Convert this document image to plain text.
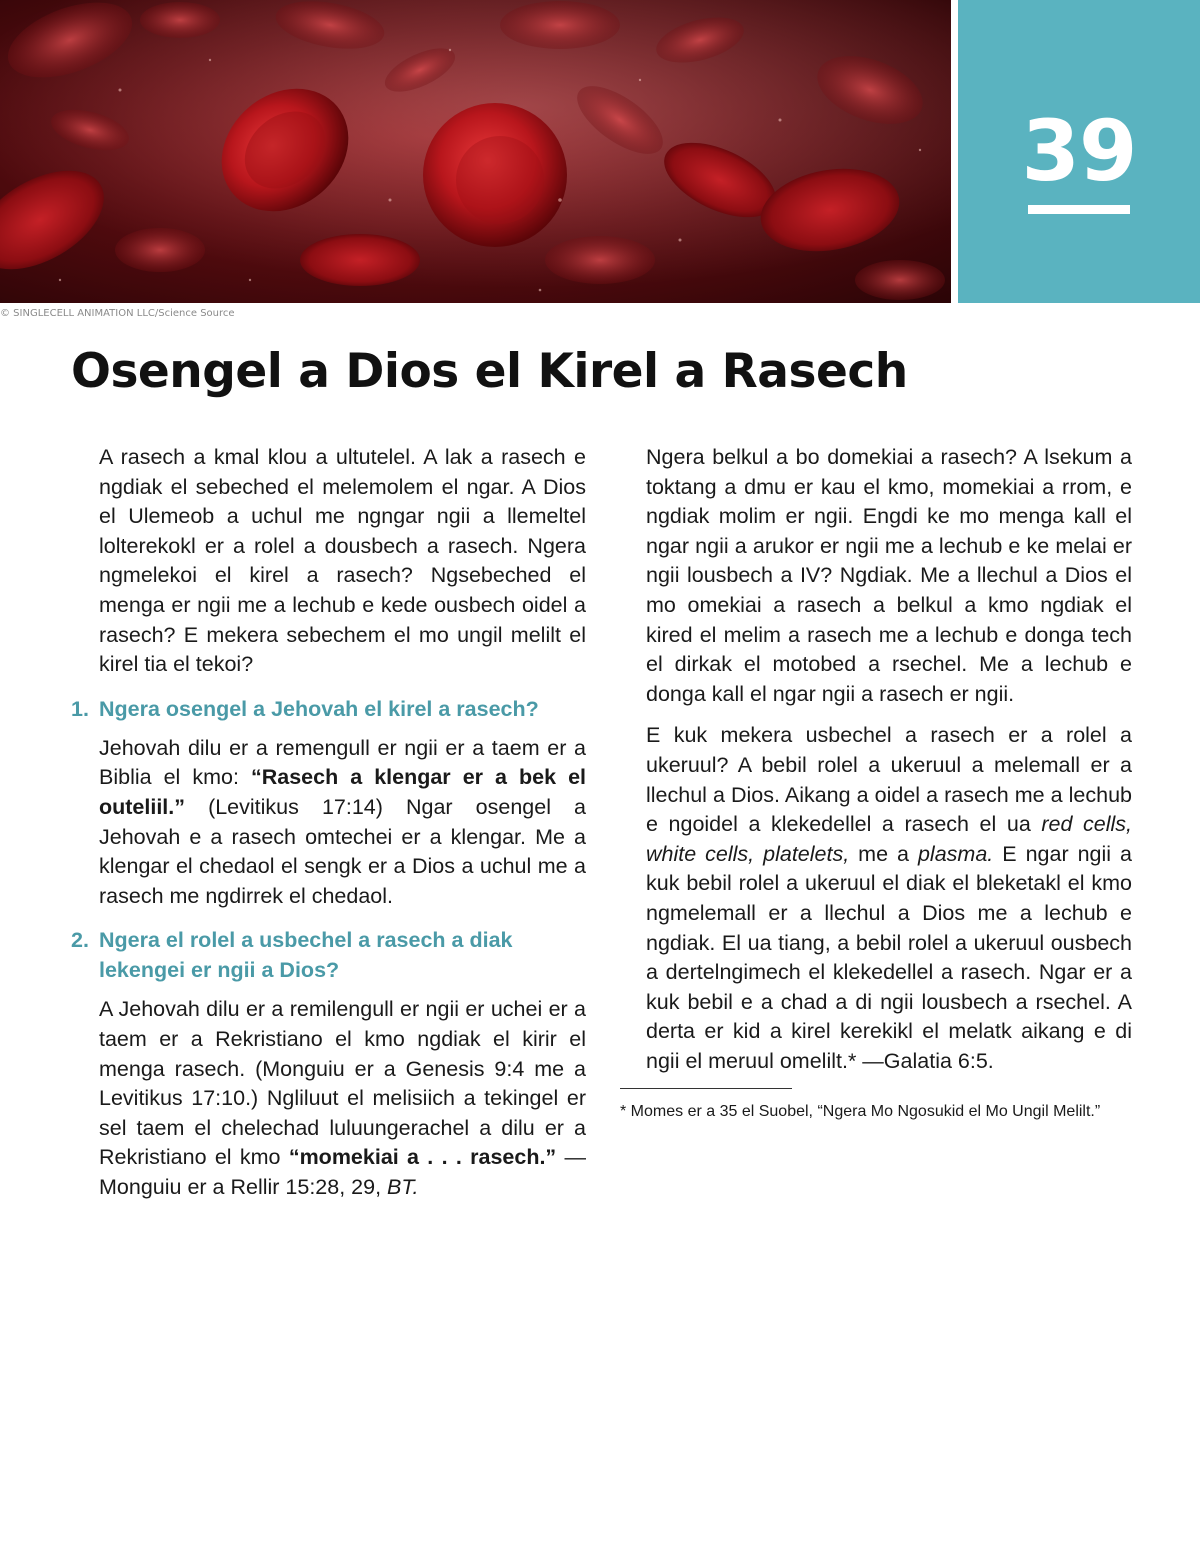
39
© SINGLECELL ANIMATION LLC/Science Source
Osengel a Dios el Kirel a Rasech

A rasech a kmal klou a ultutelel. A lak a rasech e ngdiak el sebeched el melemolem el ngar. A Dios el Ulemeob a uchul me ngngar ngii a llemeltel lolterekokl er a rolel a dousbech a rasech. Ngera ngmelekoi el kirel a rasech? Ngsebeched el menga er ngii me a lechub e kede ousbech oidel a rasech? E mekera sebechem el mo ungil melilt el kirel tia el tekoi?

1. Ngera osengel a Jehovah el kirel a rasech?

Jehovah dilu er a remengull er ngii er a taem er a Biblia el kmo: “Rasech a klengar er a bek el outeliil.” (Levitikus 17:14) Ngar osengel a Jehovah e a rasech omtechei er a klengar. Me a klengar el chedaol el sengk er a Dios a uchul me a rasech me ngdirrek el chedaol.

2. Ngera el rolel a usbechel a rasech a diak lekengei er ngii a Dios?

A Jehovah dilu er a remilengull er ngii er uchei er a taem er a Rekristiano el kmo ngdiak el kirir el menga rasech. (Monguiu er a Genesis 9:4 me a Levitikus 17:10.) Ngliluut el melisiich a tekingel er sel taem el chelechad luluungerachel a dilu er a Rekristiano el kmo “momekiai a . . . rasech.” —Monguiu er a Rellir 15:28, 29, BT.

Ngera belkul a bo domekiai a rasech? A lsekum a toktang a dmu er kau el kmo, momekiai a rrom, e ngdiak molim er ngii. Engdi ke mo menga kall el ngar ngii a arukor er ngii me a lechub e ke melai er ngii lousbech a IV? Ngdiak. Me a llechul a Dios el mo omekiai a rasech a belkul a kmo ngdiak el kired el melim a rasech me a lechub e donga tech el dirkak el motobed a rsechel. Me a lechub e donga kall el ngar ngii a rasech er ngii.

E kuk mekera usbechel a rasech er a rolel a ukeruul? A bebil rolel a ukeruul a melemall er a llechul a Dios. Aikang a oidel a rasech me a lechub e ngoidel a klekedellel a rasech el ua red cells, white cells, platelets, me a plasma. E ngar ngii a kuk bebil rolel a ukeruul el diak el bleketakl el kmo ngmelemall er a llechul a Dios me a lechub e ngdiak. El ua tiang, a bebil rolel a ukeruul ousbech a dertelngimech el klekedellel a rasech. Ngar er a kuk bebil e a chad a di ngii lousbech a rsechel. A derta er kid a kirel kerekikl el melatk aikang e di ngii el meruul omelilt.* —Galatia 6:5.

* Momes er a 35 el Suobel, “Ngera Mo Ngosukid el Mo Ungil Melilt.”
